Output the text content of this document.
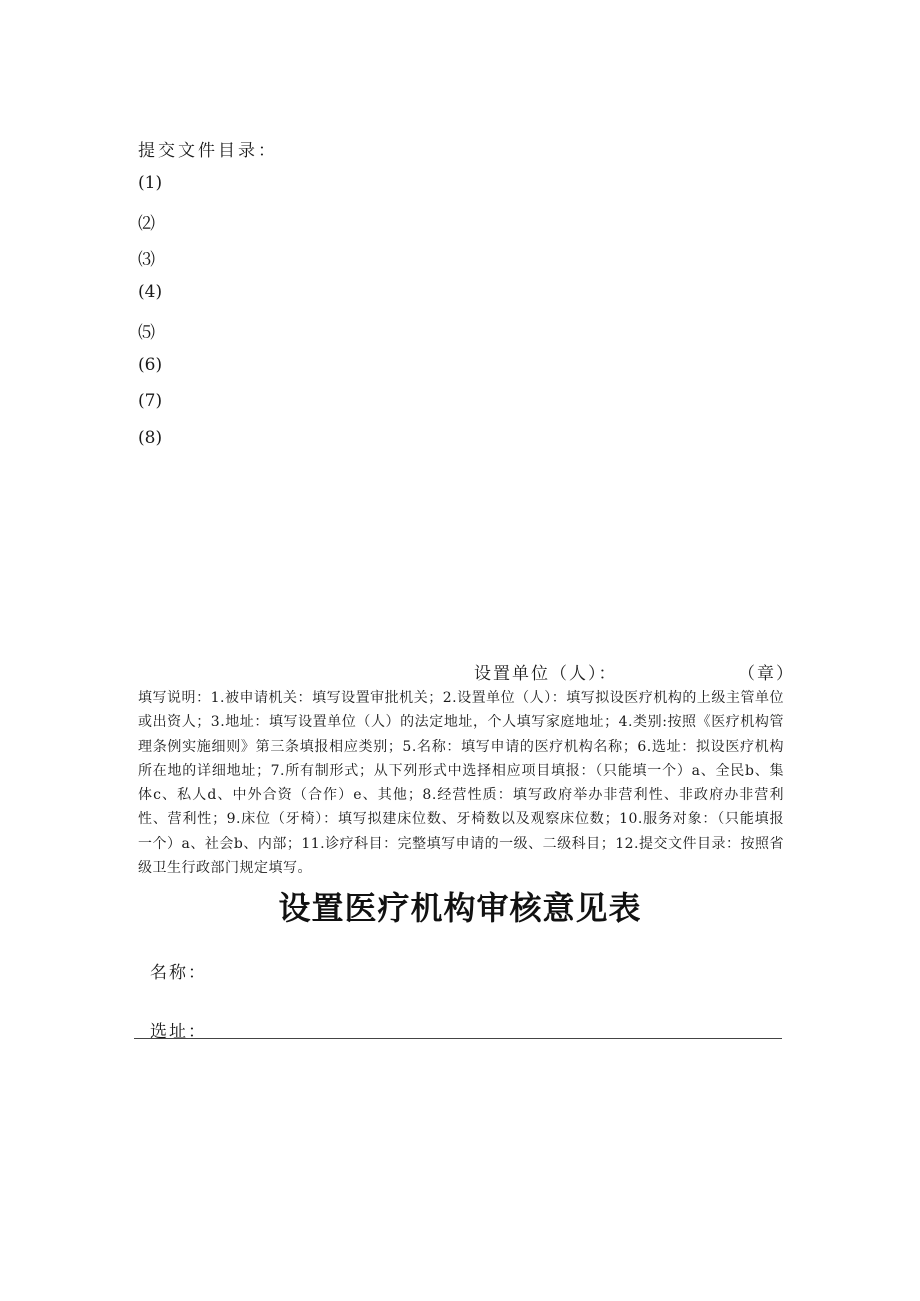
提交文件目录：
(1)
⑵
⑶
(4)
⑸
(6)
(7)
(8)
设置单位（人）：	（章）
填写说明：1.被申请机关：填写设置审批机关；2.设置单位（人）：填写拟设医疗机构的上级主管单位或出资人；3.地址：填写设置单位（人）的法定地址，个人填写家庭地址；4.类别:按照《医疗机构管理条例实施细则》第三条填报相应类别；5.名称：填写申请的医疗机构名称；6.选址：拟设医疗机构所在地的详细地址；7.所有制形式；从下列形式中选择相应项目填报：（只能填一个）a、全民b、集体c、私人d、中外合资（合作）e、其他；8.经营性质：填写政府举办非营利性、非政府办非营利性、营利性；9.床位（牙椅）：填写拟建床位数、牙椅数以及观察床位数；10.服务对象：（只能填报一个）a、社会b、内部；11.诊疗科目：完整填写申请的一级、二级科目；12.提交文件目录：按照省级卫生行政部门规定填写。
设置医疗机构审核意见表
名称：
选址：
